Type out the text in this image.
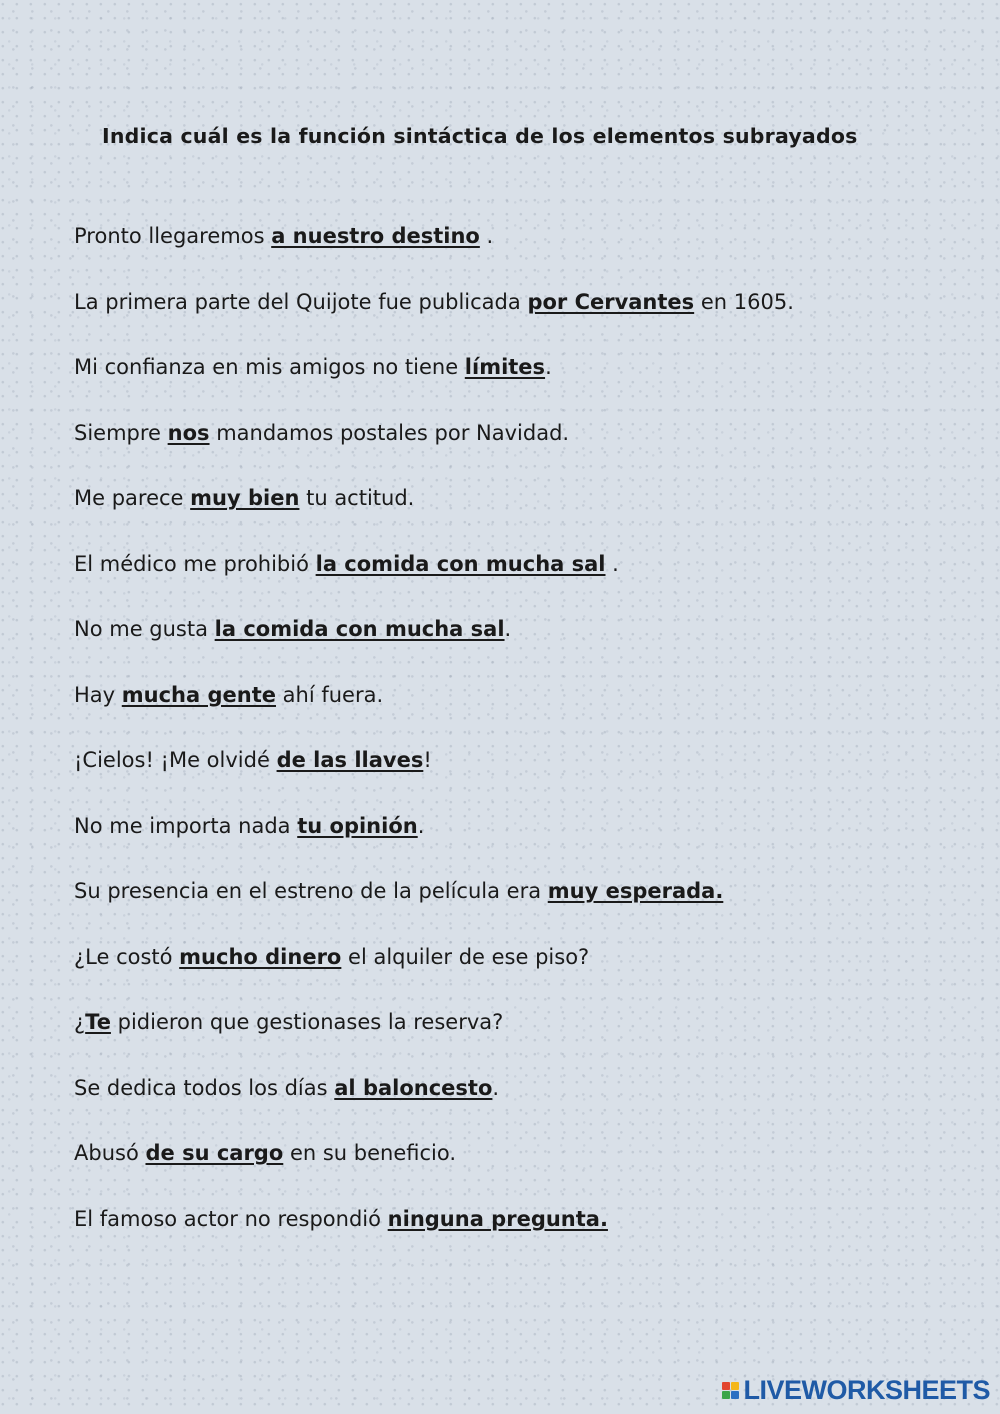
Indica cuál es la función sintáctica de los elementos subrayados
Pronto llegaremos a nuestro destino .
La primera parte del Quijote fue publicada por Cervantes en 1605.
Mi confianza en mis amigos no tiene límites.
Siempre nos mandamos postales por Navidad.
Me parece muy bien tu actitud.
El médico me prohibió la comida con mucha sal .
No me gusta la comida con mucha sal.
Hay mucha gente ahí fuera.
¡Cielos! ¡Me olvidé de las llaves!
No me importa nada tu opinión.
Su presencia en el estreno de la película era muy esperada.
¿Le costó mucho dinero el alquiler de ese piso?
¿Te pidieron que gestionases la reserva?
Se dedica todos los días al baloncesto.
Abusó de su cargo en su beneficio.
El famoso actor no respondió ninguna pregunta.
LIVEWORKSHEETS
